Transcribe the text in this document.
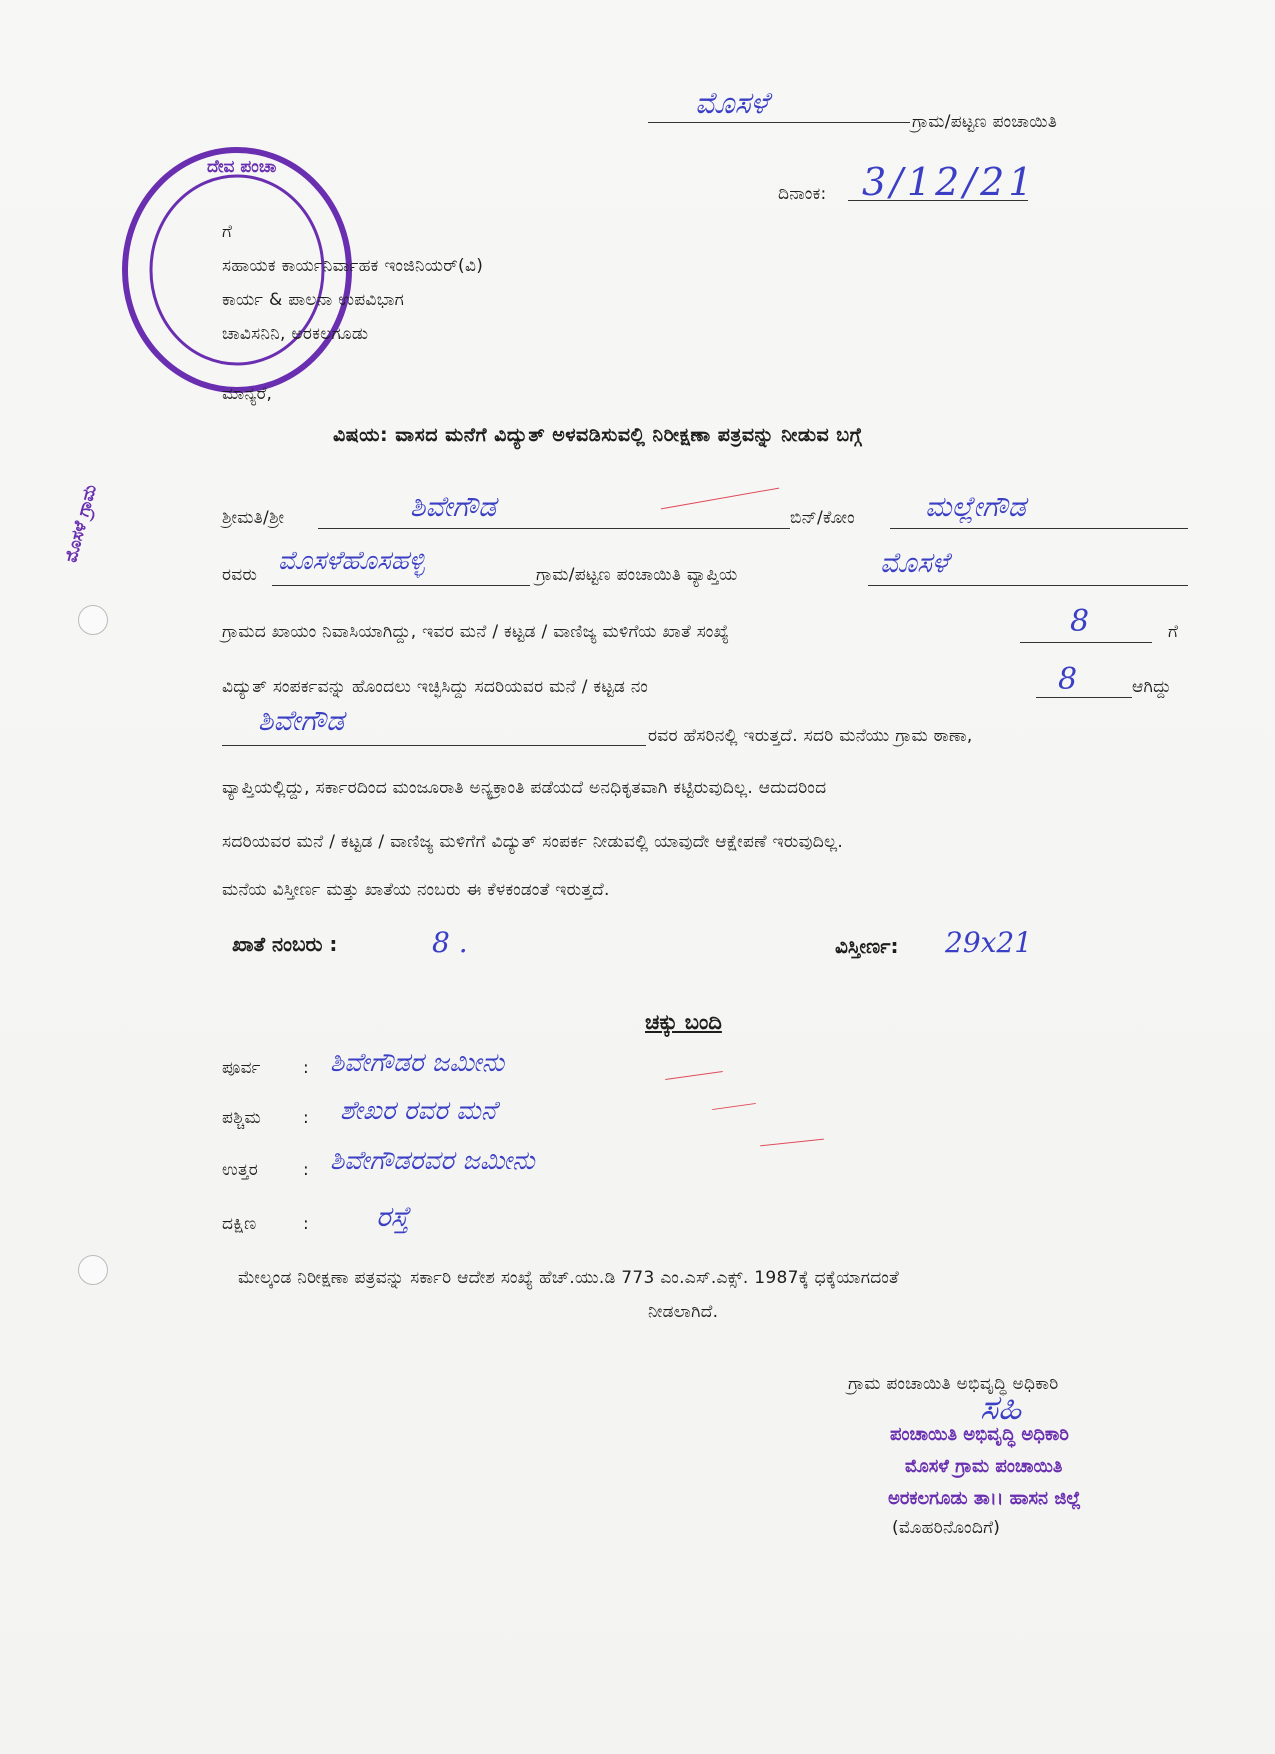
ದೇವ ಪಂಚಾ
ಮೊಸಳೆ ಗ್ರಾಮ
ಮೊಸಳೆ
ಗ್ರಾಮ/ಪಟ್ಟಣ ಪಂಚಾಯಿತಿ
ದಿನಾಂಕ: 3/12/21
ಗೆ
ಸಹಾಯಕ ಕಾರ್ಯನಿರ್ವಾಹಕ ಇಂಜಿನಿಯರ್(ವಿ)
ಕಾರ್ಯ & ಪಾಲನಾ ಉಪವಿಭಾಗ
ಚಾವಿಸನಿನಿ, ಅರಕಲಗೂಡು
ಮಾನ್ಯರೆ,
ವಿಷಯ: ವಾಸದ ಮನೆಗೆ ವಿದ್ಯುತ್ ಅಳವಡಿಸುವಲ್ಲಿ ನಿರೀಕ್ಷಣಾ ಪತ್ರವನ್ನು ನೀಡುವ ಬಗ್ಗೆ
ಶ್ರೀಮತಿ/ಶ್ರೀ	ಶಿವೇಗೌಡ	ಬಿನ್/ಕೋಂ	ಮಲ್ಲೇಗೌಡ
ರವರು ಮೊಸಳೆಹೊಸಹಳ್ಳಿ	ಗ್ರಾಮ/ಪಟ್ಟಣ ಪಂಚಾಯಿತಿ ವ್ಯಾಪ್ತಿಯ	ಮೊಸಳೆ
ಗ್ರಾಮದ ಖಾಯಂ ನಿವಾಸಿಯಾಗಿದ್ದು, ಇವರ ಮನೆ / ಕಟ್ಟಡ / ವಾಣಿಜ್ಯ ಮಳಿಗೆಯ ಖಾತೆ ಸಂಖ್ಯೆ	8	ಗೆ
ವಿದ್ಯುತ್ ಸಂಪರ್ಕವನ್ನು ಹೊಂದಲು ಇಚ್ಛಿಸಿದ್ದು ಸದರಿಯವರ ಮನೆ / ಕಟ್ಟಡ ನಂ	8	ಆಗಿದ್ದು
ಶಿವೇಗೌಡ	ರವರ ಹೆಸರಿನಲ್ಲಿ ಇರುತ್ತದೆ. ಸದರಿ ಮನೆಯು ಗ್ರಾಮ ಠಾಣಾ,
ವ್ಯಾಪ್ತಿಯಲ್ಲಿದ್ದು, ಸರ್ಕಾರದಿಂದ ಮಂಜೂರಾತಿ ಅನ್ಯಕ್ರಾಂತಿ ಪಡೆಯದೆ ಅನಧಿಕೃತವಾಗಿ ಕಟ್ಟಿರುವುದಿಲ್ಲ. ಆದುದರಿಂದ
ಸದರಿಯವರ ಮನೆ / ಕಟ್ಟಡ / ವಾಣಿಜ್ಯ ಮಳಿಗೆಗೆ ವಿದ್ಯುತ್ ಸಂಪರ್ಕ ನೀಡುವಲ್ಲಿ ಯಾವುದೇ ಆಕ್ಷೇಪಣೆ ಇರುವುದಿಲ್ಲ.
ಮನೆಯ ವಿಸ್ತೀರ್ಣ ಮತ್ತು ಖಾತೆಯ ನಂಬರು ಈ ಕೆಳಕಂಡಂತೆ ಇರುತ್ತದೆ.
ಖಾತೆ ನಂಬರು :	8 .	ವಿಸ್ತೀರ್ಣ: 29x21
ಚಕ್ಕು ಬಂದಿ
ಪೂರ್ವ : ಶಿವೇಗೌಡರ ಜಮೀನು
ಪಶ್ಚಿಮ : ಶೇಖರ ರವರ ಮನೆ
ಉತ್ತರ	: ಶಿವೇಗೌಡರವರ ಜಮೀನು
ದಕ್ಷಿಣ	: ರಸ್ತೆ
ಮೇಲ್ಕಂಡ ನಿರೀಕ್ಷಣಾ ಪತ್ರವನ್ನು ಸರ್ಕಾರಿ ಆದೇಶ ಸಂಖ್ಯೆ ಹೆಚ್.ಯು.ಡಿ 773 ಎಂ.ಎಸ್.ಎಕ್ಸ್. 1987ಕ್ಕೆ ಧಕ್ಕೆಯಾಗದಂತೆ
ನೀಡಲಾಗಿದೆ.
ಗ್ರಾಮ ಪಂಚಾಯಿತಿ ಅಭಿವೃದ್ಧಿ ಅಧಿಕಾರಿ
ಸಹಿ
ಪಂಚಾಯಿತಿ ಅಭಿವೃದ್ಧಿ ಅಧಿಕಾರಿ
ಮೊಸಳೆ ಗ್ರಾಮ ಪಂಚಾಯಿತಿ
ಅರಕಲಗೂಡು ತಾ।। ಹಾಸನ ಜಿಲ್ಲೆ
(ಮೊಹರಿನೊಂದಿಗೆ)
